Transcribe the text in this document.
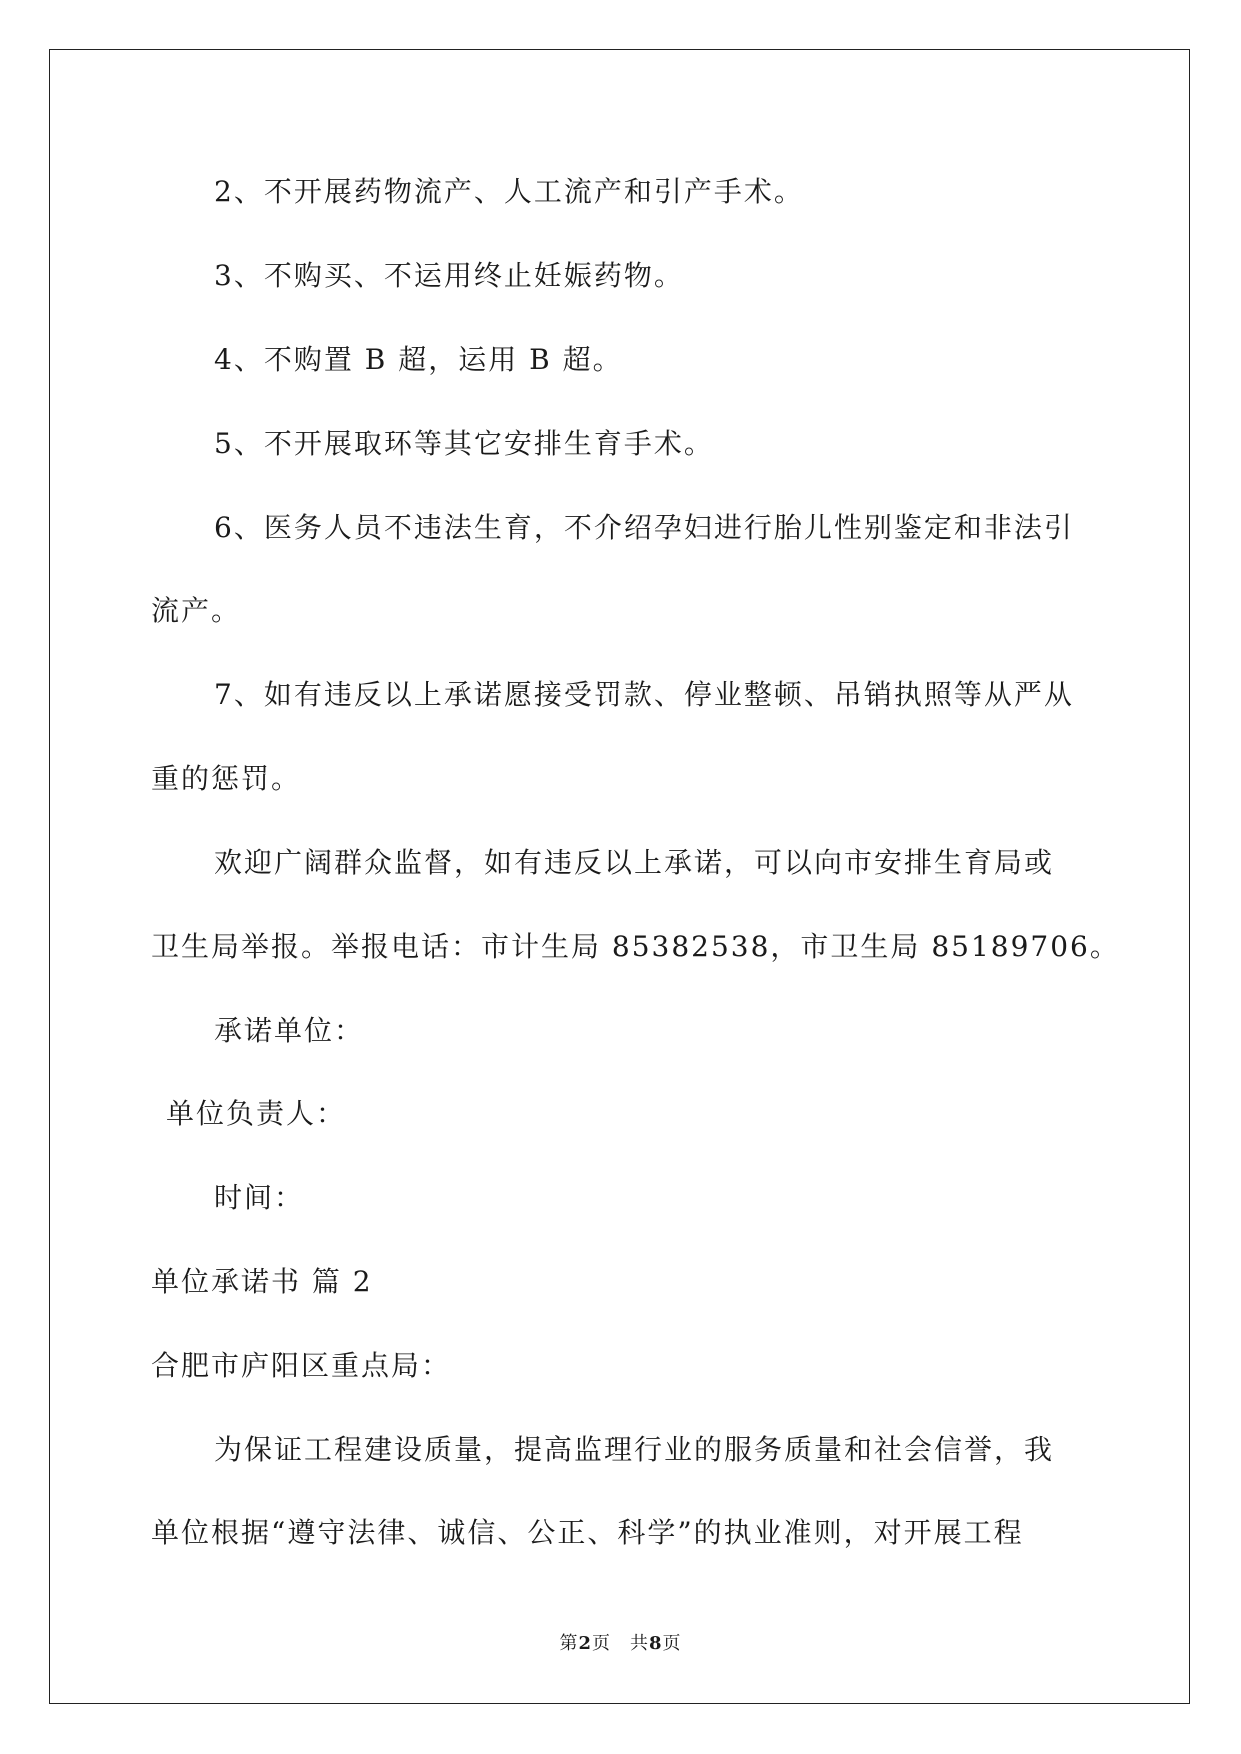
2、不开展药物流产、人工流产和引产手术。
3、不购买、不运用终止妊娠药物。
4、不购置 B 超，运用 B 超。
5、不开展取环等其它安排生育手术。
6、医务人员不违法生育，不介绍孕妇进行胎儿性别鉴定和非法引
流产。
7、如有违反以上承诺愿接受罚款、停业整顿、吊销执照等从严从
重的惩罚。
欢迎广阔群众监督，如有违反以上承诺，可以向市安排生育局或
卫生局举报。举报电话：市计生局 85382538，市卫生局 85189706。
承诺单位：
单位负责人：
时间：
单位承诺书 篇 2
合肥市庐阳区重点局：
为保证工程建设质量，提高监理行业的服务质量和社会信誉，我
单位根据“遵守法律、诚信、公正、科学”的执业准则，对开展工程
第2页　共8页
